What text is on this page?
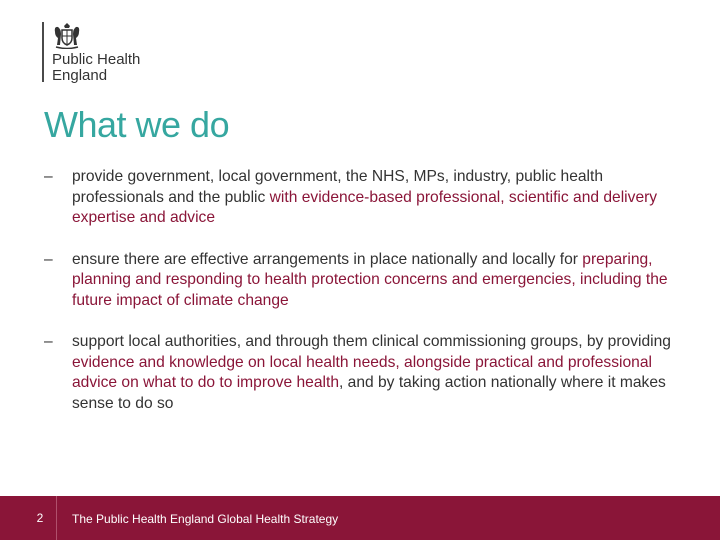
Public Health
England
What we do
– provide government, local government, the NHS, MPs, industry, public health professionals and the public with evidence-based professional, scientific and delivery expertise and advice
– ensure there are effective arrangements in place nationally and locally for preparing, planning and responding to health protection concerns and emergencies, including the future impact of climate change
– support local authorities, and through them clinical commissioning groups, by providing evidence and knowledge on local health needs, alongside practical and professional advice on what to do to improve health, and by taking action nationally where it makes sense to do so
2	The Public Health England Global Health Strategy
